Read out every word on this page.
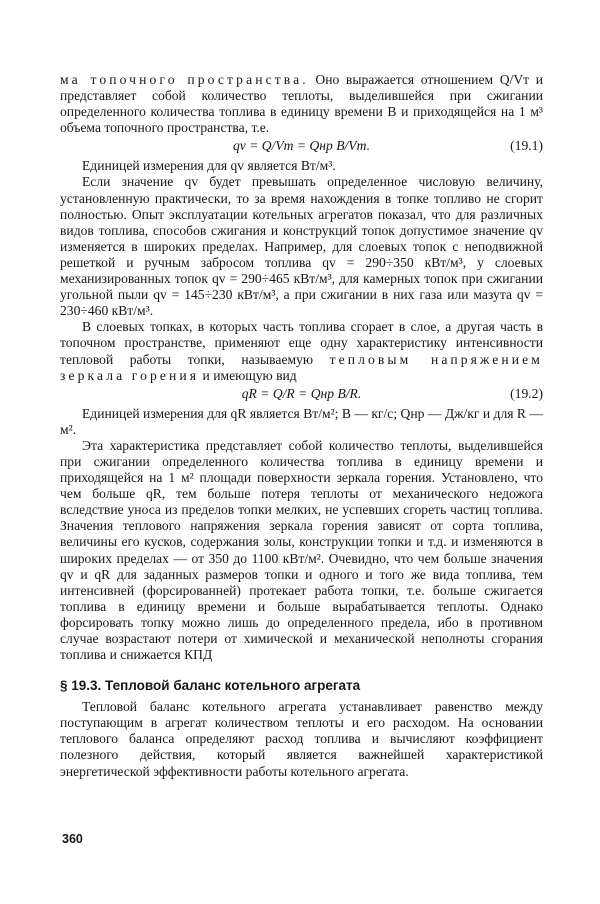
ма топочного пространства. Оно выражается отношением Q/Vт и представляет собой количество теплоты, выделившейся при сжигании определенного количества топлива в единицу времени B и приходящейся на 1 м³ объема топочного пространства, т.е.

qv = Q/Vт = Qнр B/Vт.	(19.1)

Единицей измерения для qv является Вт/м³.

Если значение qv будет превышать определенное числовую величину, установленную практически, то за время нахождения в топке топливо не сгорит полностью. Опыт эксплуатации котельных агрегатов показал, что для различных видов топлива, способов сжигания и конструкций топок допустимое значение qv изменяется в широких пределах. Например, для слоевых топок с неподвижной решеткой и ручным забросом топлива qv = 290÷350 кВт/м³, у слоевых механизированных топок qv = 290÷465 кВт/м³, для камерных топок при сжигании угольной пыли qv = 145÷230 кВт/м³, а при сжигании в них газа или мазута qv = 230÷460 кВт/м³.

В слоевых топках, в которых часть топлива сгорает в слое, а другая часть в топочном пространстве, применяют еще одну характеристику интенсивности тепловой работы топки, называемую тепловым напряжением зеркала горения и имеющую вид

qR = Q/R = Qнр B/R.	(19.2)

Единицей измерения для qR является Вт/м²; B — кг/с; Qнр — Дж/кг и для R — м².

Эта характеристика представляет собой количество теплоты, выделившейся при сжигании определенного количества топлива в единицу времени и приходящейся на 1 м² площади поверхности зеркала горения. Установлено, что чем больше qR, тем больше потеря теплоты от механического недожога вследствие уноса из пределов топки мелких, не успевших сгореть частиц топлива. Значения теплового напряжения зеркала горения зависят от сорта топлива, величины его кусков, содержания золы, конструкции топки и т.д. и изменяются в широких пределах — от 350 до 1100 кВт/м². Очевидно, что чем больше значения qv и qR для заданных размеров топки и одного и того же вида топлива, тем интенсивней (форсированней) протекает работа топки, т.е. больше сжигается топлива в единицу времени и больше вырабатывается теплоты. Однако форсировать топку можно лишь до определенного предела, ибо в противном случае возрастают потери от химической и механической неполноты сгорания топлива и снижается КПД

§ 19.3. Тепловой баланс котельного агрегата

Тепловой баланс котельного агрегата устанавливает равенство между поступающим в агрегат количеством теплоты и его расходом. На основании теплового баланса определяют расход топлива и вычисляют коэффициент полезного действия, который является важнейшей характеристикой энергетической эффективности работы котельного агрегата.

360
